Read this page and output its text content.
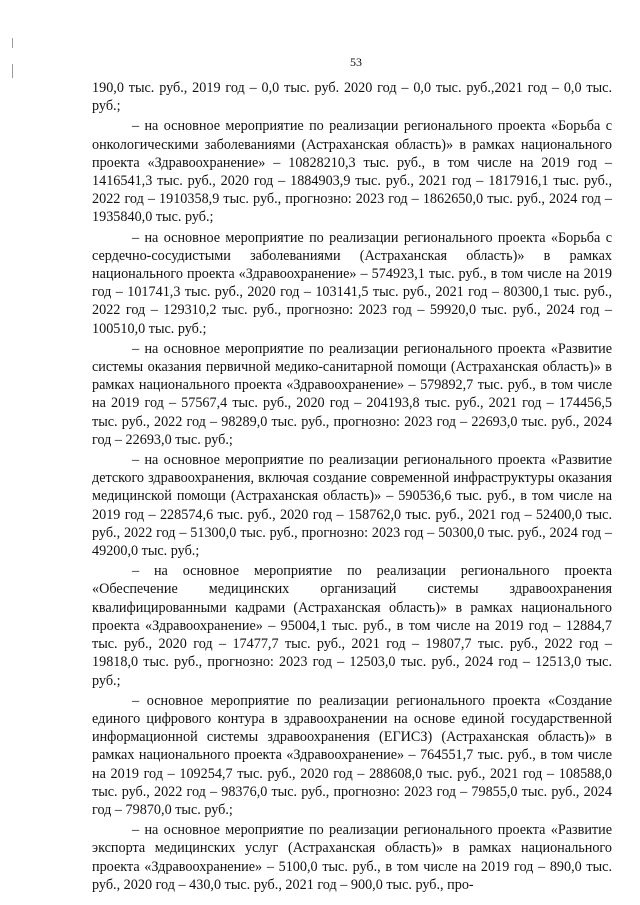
53

190,0 тыс. руб., 2019 год – 0,0 тыс. руб. 2020 год – 0,0 тыс. руб.,2021 год – 0,0 тыс. руб.;

– на основное мероприятие по реализации регионального проекта «Борьба с онкологическими заболеваниями (Астраханская область)» в рамках национального проекта «Здравоохранение» – 10828210,3 тыс. руб., в том числе на 2019 год – 1416541,3 тыс. руб., 2020 год – 1884903,9 тыс. руб., 2021 год – 1817916,1 тыс. руб., 2022 год – 1910358,9 тыс. руб., прогнозно: 2023 год – 1862650,0 тыс. руб., 2024 год – 1935840,0 тыс. руб.;

– на основное мероприятие по реализации регионального проекта «Борьба с сердечно-сосудистыми заболеваниями (Астраханская область)» в рамках национального проекта «Здравоохранение» – 574923,1 тыс. руб., в том числе на 2019 год – 101741,3 тыс. руб., 2020 год – 103141,5 тыс. руб., 2021 год – 80300,1 тыс. руб., 2022 год – 129310,2 тыс. руб., прогнозно: 2023 год – 59920,0 тыс. руб., 2024 год – 100510,0 тыс. руб.;

– на основное мероприятие по реализации регионального проекта «Развитие системы оказания первичной медико-санитарной помощи (Астраханская область)» в рамках национального проекта «Здравоохранение» – 579892,7 тыс. руб., в том числе на 2019 год – 57567,4 тыс. руб., 2020 год – 204193,8 тыс. руб., 2021 год – 174456,5 тыс. руб., 2022 год – 98289,0 тыс. руб., прогнозно: 2023 год – 22693,0 тыс. руб., 2024 год – 22693,0 тыс. руб.;

– на основное мероприятие по реализации регионального проекта «Развитие детского здравоохранения, включая создание современной инфраструктуры оказания медицинской помощи (Астраханская область)» – 590536,6 тыс. руб., в том числе на 2019 год – 228574,6 тыс. руб., 2020 год – 158762,0 тыс. руб., 2021 год – 52400,0 тыс. руб., 2022 год – 51300,0 тыс. руб., прогнозно: 2023 год – 50300,0 тыс. руб., 2024 год – 49200,0 тыс. руб.;

– на основное мероприятие по реализации регионального проекта «Обеспечение медицинских организаций системы здравоохранения квалифицированными кадрами (Астраханская область)» в рамках национального проекта «Здравоохранение» – 95004,1 тыс. руб., в том числе на 2019 год – 12884,7 тыс. руб., 2020 год – 17477,7 тыс. руб., 2021 год – 19807,7 тыс. руб., 2022 год – 19818,0 тыс. руб., прогнозно: 2023 год – 12503,0 тыс. руб., 2024 год – 12513,0 тыс. руб.;

– основное мероприятие по реализации регионального проекта «Создание единого цифрового контура в здравоохранении на основе единой государственной информационной системы здравоохранения (ЕГИСЗ) (Астраханская область)» в рамках национального проекта «Здравоохранение» – 764551,7 тыс. руб., в том числе на 2019 год – 109254,7 тыс. руб., 2020 год – 288608,0 тыс. руб., 2021 год – 108588,0 тыс. руб., 2022 год – 98376,0 тыс. руб., прогнозно: 2023 год – 79855,0 тыс. руб., 2024 год – 79870,0 тыс. руб.;

– на основное мероприятие по реализации регионального проекта «Развитие экспорта медицинских услуг (Астраханская область)» в рамках национального проекта «Здравоохранение» – 5100,0 тыс. руб., в том числе на 2019 год – 890,0 тыс. руб., 2020 год – 430,0 тыс. руб., 2021 год – 900,0 тыс. руб., про-
